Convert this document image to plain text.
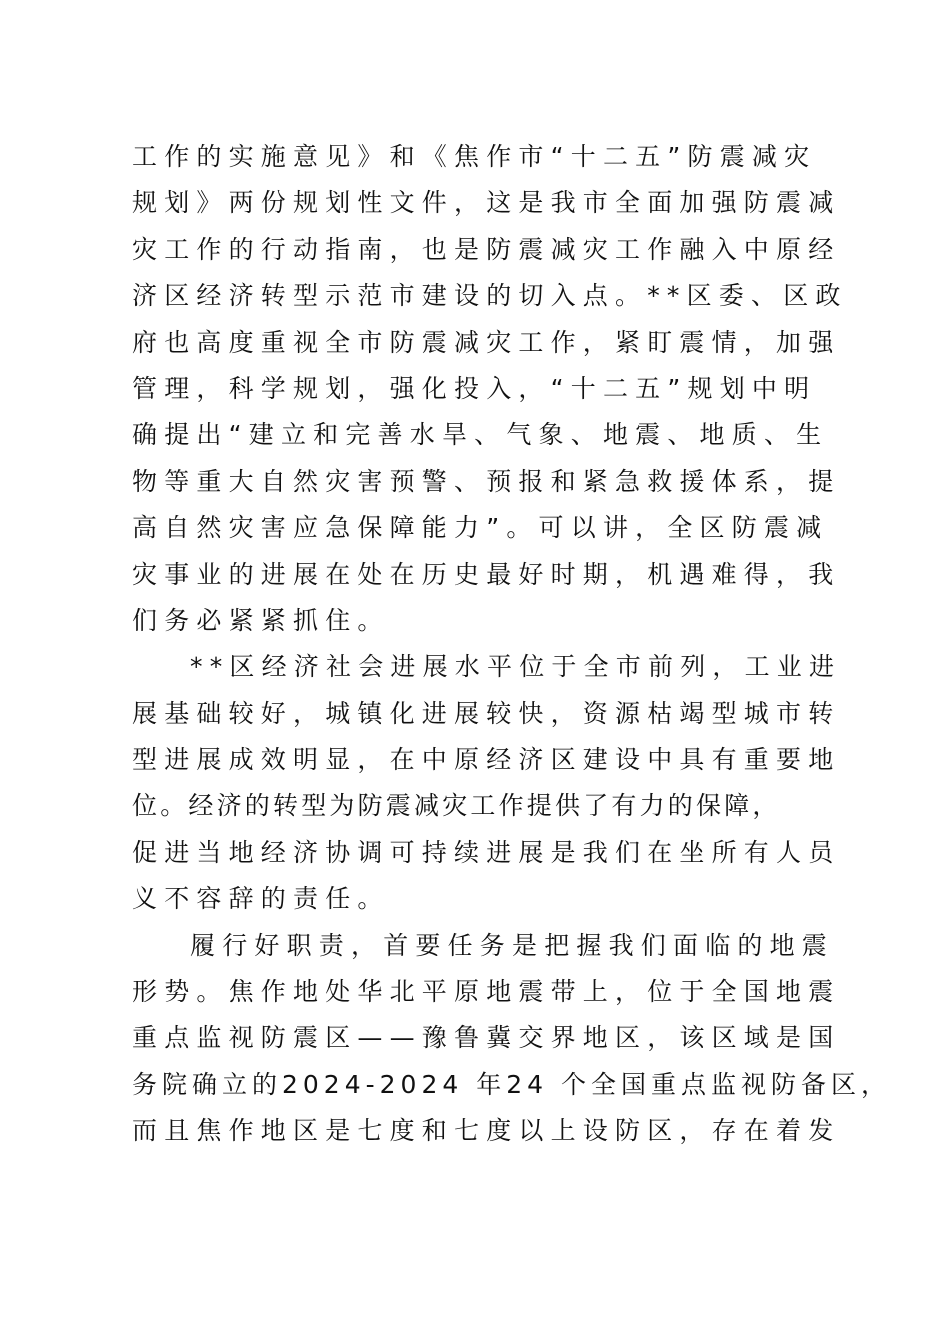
工作的实施意见》和《焦作市“十二五”防震减灾
规划》两份规划性文件，这是我市全面加强防震减
灾工作的行动指南，也是防震减灾工作融入中原经
济区经济转型示范市建设的切入点。**区委、区政
府也高度重视全市防震减灾工作，紧盯震情，加强
管理，科学规划，强化投入，“十二五”规划中明
确提出“建立和完善水旱、气象、地震、地质、生
物等重大自然灾害预警、预报和紧急救援体系，提
高自然灾害应急保障能力”。可以讲，全区防震减
灾事业的进展在处在历史最好时期，机遇难得，我
们务必紧紧抓住。
**区经济社会进展水平位于全市前列，工业进
展基础较好，城镇化进展较快，资源枯竭型城市转
型进展成效明显，在中原经济区建设中具有重要地
位。经济的转型为防震减灾工作提供了有力的保障，
促进当地经济协调可持续进展是我们在坐所有人员
义不容辞的责任。
履行好职责，首要任务是把握我们面临的地震
形势。焦作地处华北平原地震带上，位于全国地震
重点监视防震区——豫鲁冀交界地区，该区域是国
务院确立的2024-2024 年24 个全国重点监视防备区，
而且焦作地区是七度和七度以上设防区，存在着发
